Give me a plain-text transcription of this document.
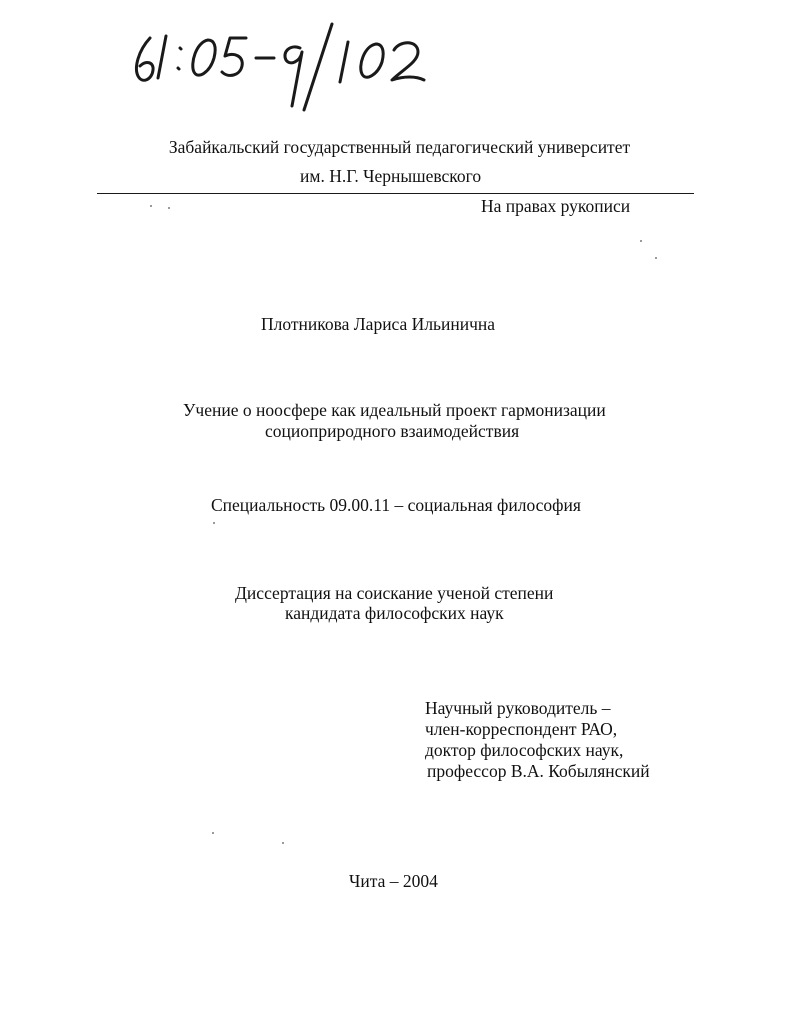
Забайкальский государственный педагогический университет
им. Н.Г. Чернышевского
На правах рукописи
Плотникова Лариса Ильинична
Учение о ноосфере как идеальный проект гармонизации
социоприродного взаимодействия
Специальность 09.00.11 – социальная философия
Диссертация на соискание ученой степени
кандидата философских наук
Научный руководитель –
член-корреспондент РАО,
доктор философских наук,
профессор В.А. Кобылянский
Чита – 2004
